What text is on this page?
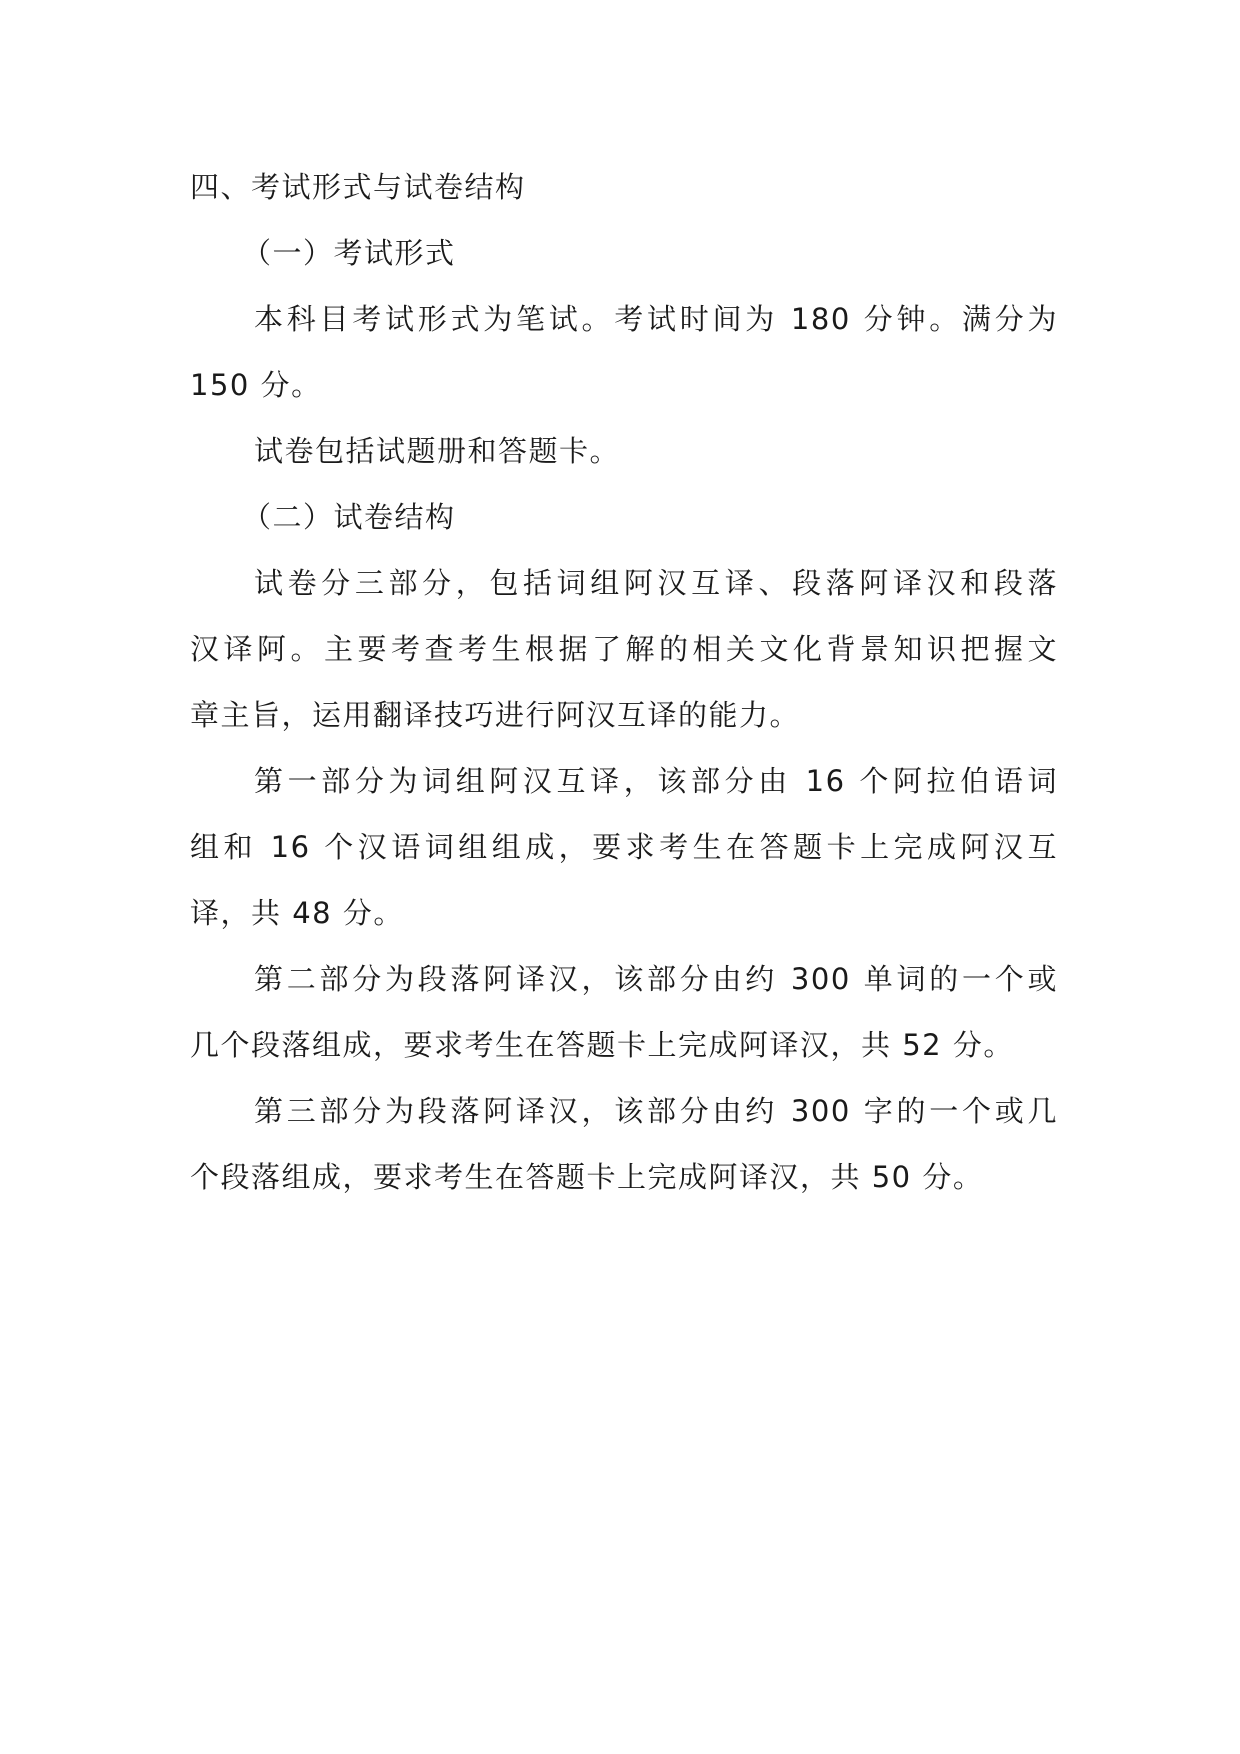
四、考试形式与试卷结构
（一）考试形式
本科目考试形式为笔试。考试时间为 180 分钟。满分为
150 分。
试卷包括试题册和答题卡。
（二）试卷结构
试卷分三部分，包括词组阿汉互译、段落阿译汉和段落
汉译阿。主要考查考生根据了解的相关文化背景知识把握文
章主旨，运用翻译技巧进行阿汉互译的能力。
第一部分为词组阿汉互译，该部分由 16 个阿拉伯语词
组和 16 个汉语词组组成，要求考生在答题卡上完成阿汉互
译，共 48 分。
第二部分为段落阿译汉，该部分由约 300 单词的一个或
几个段落组成，要求考生在答题卡上完成阿译汉，共 52 分。
第三部分为段落阿译汉，该部分由约 300 字的一个或几
个段落组成，要求考生在答题卡上完成阿译汉，共 50 分。
